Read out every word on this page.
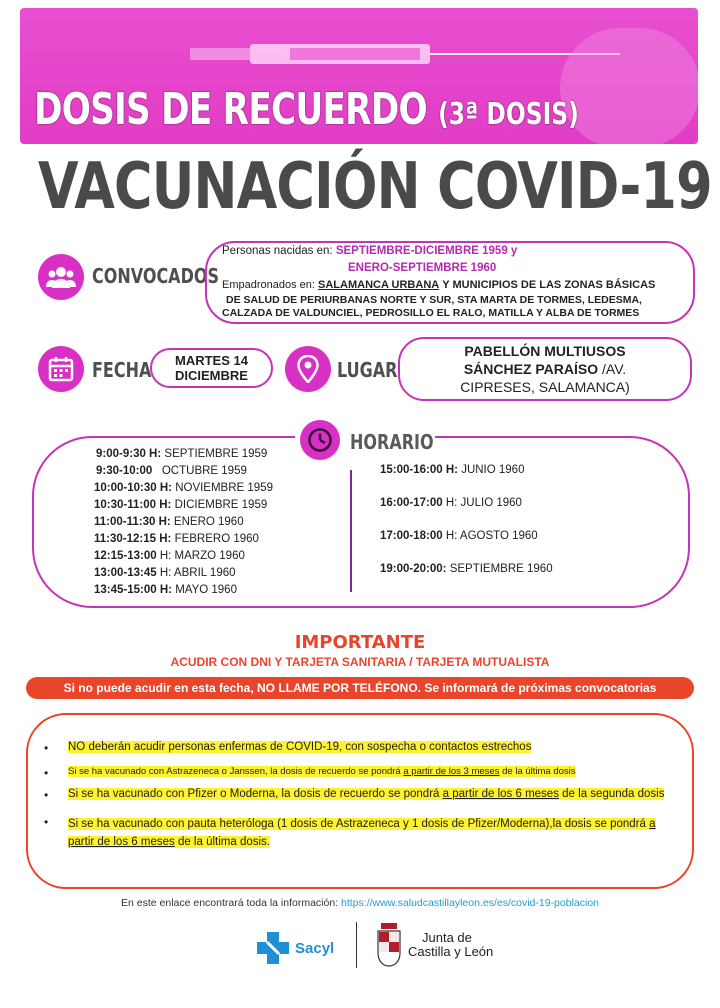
DOSIS DE RECUERDO (3ª DOSIS)
VACUNACIÓN COVID-19
CONVOCADOS
Personas nacidas en: SEPTIEMBRE-DICIEMBRE 1959 y
ENERO-SEPTIEMBRE 1960
Empadronados en: SALAMANCA URBANA Y MUNICIPIOS DE LAS ZONAS BÁSICAS
DE SALUD DE PERIURBANAS NORTE Y SUR, STA MARTA DE TORMES, LEDESMA,
CALZADA DE VALDUNCIEL, PEDROSILLO EL RALO, MATILLA Y ALBA DE TORMES
FECHA MARTES 14
DICIEMBRE	LUGAR
PABELLÓN MULTIUSOS
SÁNCHEZ PARAÍSO /AV.
CIPRESES, SALAMANCA)
HORARIO
9:00-9:30 H: SEPTIEMBRE 1959
9:30-10:00 OCTUBRE 1959
10:00-10:30 H: NOVIEMBRE 1959
10:30-11:00 H: DICIEMBRE 1959
11:00-11:30 H: ENERO 1960
11:30-12:15 H: FEBRERO 1960
12:15-13:00 H: MARZO 1960
13:00-13:45 H: ABRIL 1960
13:45-15:00 H: MAYO 1960
15:00-16:00 H: JUNIO 1960
16:00-17:00 H: JULIO 1960
17:00-18:00 H: AGOSTO 1960
19:00-20:00: SEPTIEMBRE 1960
IMPORTANTE
ACUDIR CON DNI Y TARJETA SANITARIA / TARJETA MUTUALISTA
Si no puede acudir en esta fecha, NO LLAME POR TELÉFONO. Se informará de próximas convocatorias
•	NO deberán acudir personas enfermas de COVID-19, con sospecha o contactos estrechos
•	Si se ha vacunado con Astrazeneca o Janssen, la dosis de recuerdo se pondrá a partir de los 3 meses de la última dosis
•	Si se ha vacunado con Pfizer o Moderna, la dosis de recuerdo se pondrá a partir de los 6 meses de la segunda dosis
•	Si se ha vacunado con pauta heteróloga (1 dosis de Astrazeneca y 1 dosis de Pfizer/Moderna),la dosis se pondrá a
partir de los 6 meses de la última dosis.
En este enlace encontrará toda la información: https://www.saludcastillayleon.es/es/covid-19-poblacion
Sacyl
Junta de
Castilla y León
